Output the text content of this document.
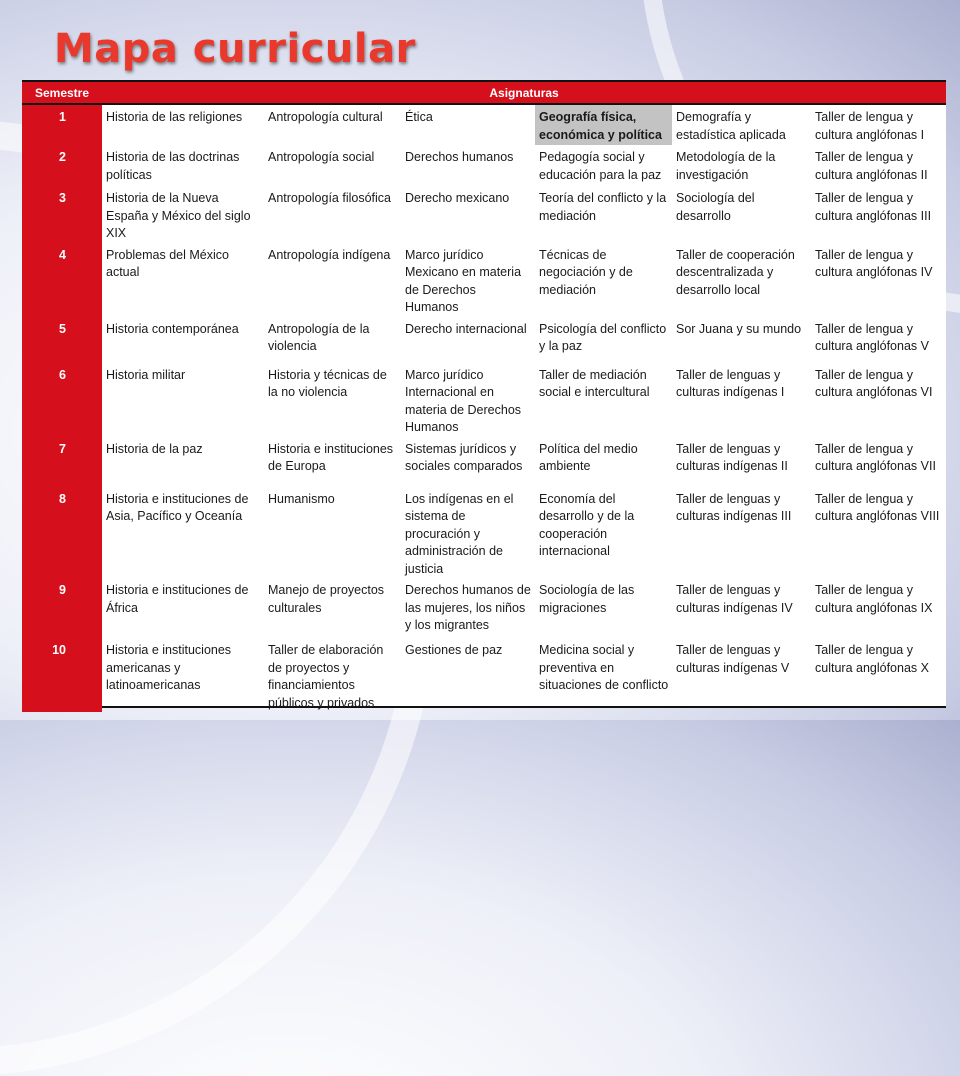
Mapa curricular
Semestre	Asignaturas					
1	Historia de las religiones	Antropología cultural	Ética	Geografía física, económica y política	Demografía y estadística aplicada	Taller de lengua y cultura anglófonas I
2	Historia de las doctrinas políticas	Antropología social	Derechos humanos	Pedagogía social y educación para la paz	Metodología de la investigación	Taller de lengua y cultura anglófonas II
3	Historia de la Nueva España y México del siglo XIX	Antropología filosófica	Derecho mexicano	Teoría del conflicto y la mediación	Sociología del desarrollo	Taller de lengua y cultura anglófonas III
4	Problemas del México actual	Antropología indígena	Marco jurídico Mexicano en materia de Derechos Humanos	Técnicas de negociación y de mediación	Taller de cooperación descentralizada y desarrollo local	Taller de lengua y cultura anglófonas IV
5	Historia contemporánea	Antropología de la violencia	Derecho internacional	Psicología del conflicto y la paz	Sor Juana y su mundo	Taller de lengua y cultura anglófonas V
6	Historia militar	Historia y técnicas de la no violencia	Marco jurídico Internacional en materia de Derechos Humanos	Taller de mediación social e intercultural	Taller de lenguas y culturas indígenas I	Taller de lengua y cultura anglófonas VI
7	Historia de la paz	Historia e instituciones de Europa	Sistemas jurídicos y sociales comparados	Política del medio ambiente	Taller de lenguas y culturas indígenas II	Taller de lengua y cultura anglófonas VII
8	Historia e instituciones de Asia, Pacífico y Oceanía	Humanismo	Los indígenas en el sistema de procuración y administración de justicia	Economía del desarrollo y de la cooperación internacional	Taller de lenguas y culturas indígenas III	Taller de lengua y cultura anglófonas VIII
9	Historia e instituciones de África	Manejo de proyectos culturales	Derechos humanos de las mujeres, los niños y los migrantes	Sociología de las migraciones	Taller de lenguas y culturas indígenas IV	Taller de lengua y cultura anglófonas IX
10	Historia e instituciones americanas y latinoamericanas	Taller de elaboración de proyectos y financiamientos públicos y privados	Gestiones de paz	Medicina social y preventiva en situaciones de conflicto	Taller de lenguas y culturas indígenas V	Taller de lengua y cultura anglófonas X
